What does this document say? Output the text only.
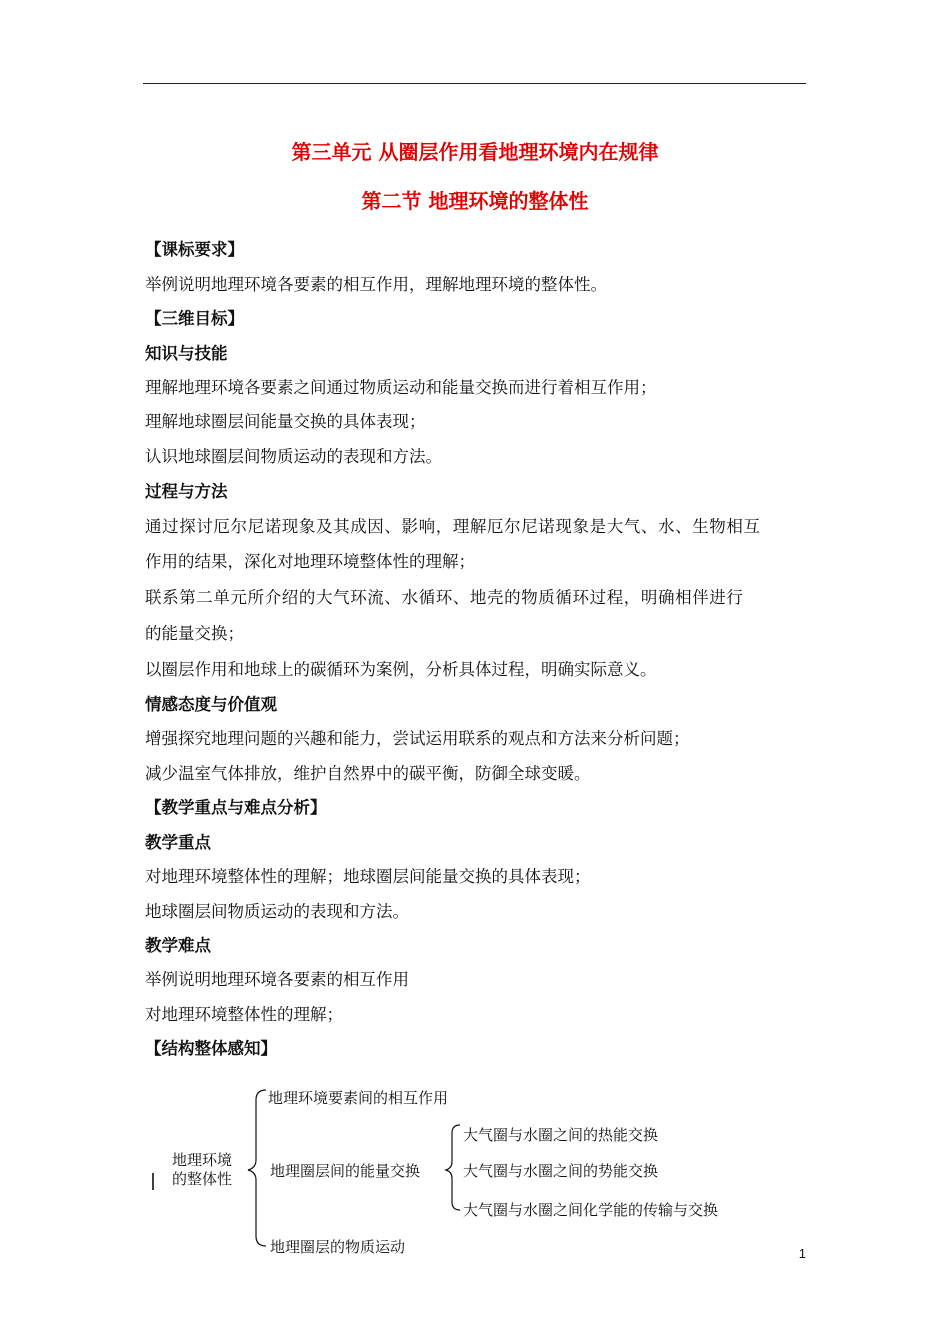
第三单元 从圈层作用看地理环境内在规律
第二节 地理环境的整体性
【课标要求】
举例说明地理环境各要素的相互作用，理解地理环境的整体性。
【三维目标】
知识与技能
理解地理环境各要素之间通过物质运动和能量交换而进行着相互作用；
理解地球圈层间能量交换的具体表现；
认识地球圈层间物质运动的表现和方法。
过程与方法
通过探讨厄尔尼诺现象及其成因、影响，理解厄尔尼诺现象是大气、水、生物相互
作用的结果，深化对地理环境整体性的理解；
联系第二单元所介绍的大气环流、水循环、地壳的物质循环过程，明确相伴进行
的能量交换；
以圈层作用和地球上的碳循环为案例，分析具体过程，明确实际意义。
情感态度与价值观
增强探究地理问题的兴趣和能力，尝试运用联系的观点和方法来分析问题；
减少温室气体排放，维护自然界中的碳平衡，防御全球变暖。
【教学重点与难点分析】
教学重点
对地理环境整体性的理解；地球圈层间能量交换的具体表现；
地球圈层间物质运动的表现和方法。
教学难点
举例说明地理环境各要素的相互作用
对地理环境整体性的理解；
【结构整体感知】
地理环境
的整体性
地理环境要素间的相互作用
地理圈层间的能量交换
地理圈层的物质运动
大气圈与水圈之间的热能交换
大气圈与水圈之间的势能交换
大气圈与水圈之间化学能的传输与交换
1
